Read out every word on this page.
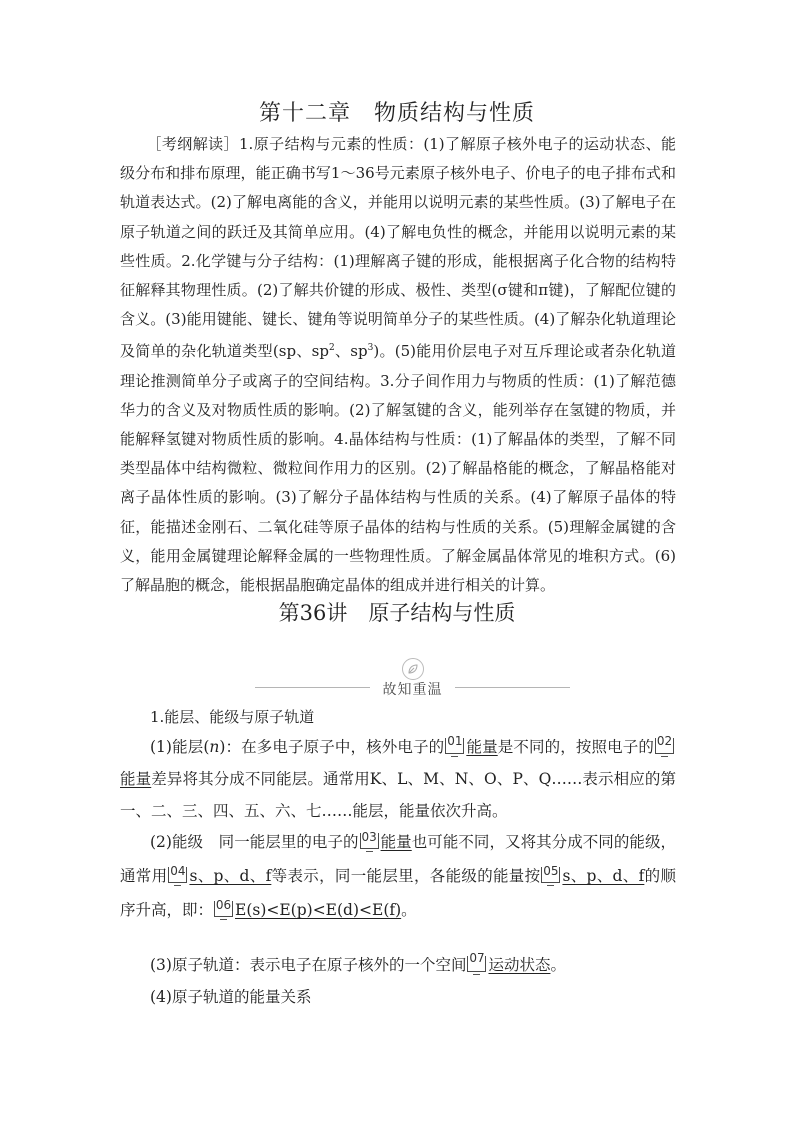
第十二章　物质结构与性质

［考纲解读］1.原子结构与元素的性质：(1)了解原子核外电子的运动状态、能级分布和排布原理，能正确书写1～36号元素原子核外电子、价电子的电子排布式和轨道表达式。(2)了解电离能的含义，并能用以说明元素的某些性质。(3)了解电子在原子轨道之间的跃迁及其简单应用。(4)了解电负性的概念，并能用以说明元素的某些性质。2.化学键与分子结构：(1)理解离子键的形成，能根据离子化合物的结构特征解释其物理性质。(2)了解共价键的形成、极性、类型(σ键和π键)，了解配位键的含义。(3)能用键能、键长、键角等说明简单分子的某些性质。(4)了解杂化轨道理论及简单的杂化轨道类型(sp、$sp^2$、$sp^3$)。(5)能用价层电子对互斥理论或者杂化轨道理论推测简单分子或离子的空间结构。3.分子间作用力与物质的性质：(1)了解范德华力的含义及对物质性质的影响。(2)了解氢键的含义，能列举存在氢键的物质，并能解释氢键对物质性质的影响。4.晶体结构与性质：(1)了解晶体的类型，了解不同类型晶体中结构微粒、微粒间作用力的区别。(2)了解晶格能的概念，了解晶格能对离子晶体性质的影响。(3)了解分子晶体结构与性质的关系。(4)了解原子晶体的特征，能描述金刚石、二氧化硅等原子晶体的结构与性质的关系。(5)理解金属键的含义，能用金属键理论解释金属的一些物理性质。了解金属晶体常见的堆积方式。(6)了解晶胞的概念，能根据晶胞确定晶体的组成并进行相关的计算。

第36讲　原子结构与性质
故知重温
1.能层、能级与原子轨道

(1)能层(n)：在多电子原子中，核外电子的 01 能量是不同的，按照电子的 02
能量差异将其分成不同能层。通常用K、L、M、N、O、P、Q……表示相应的第一、二、三、四、五、六、七……能层，能量依次升高。

(2)能级　同一能层里的电子的 03 能量也可能不同，又将其分成不同的能级，通常用 04 s、p、d、f等表示，同一能层里，各能级的能量按 05 s、p、d、f的顺序升高，即： 06 E(s)<E(p)<E(d)<E(f)。

(3)原子轨道：表示电子在原子核外的一个空间 07 运动状态。

(4)原子轨道的能量关系
